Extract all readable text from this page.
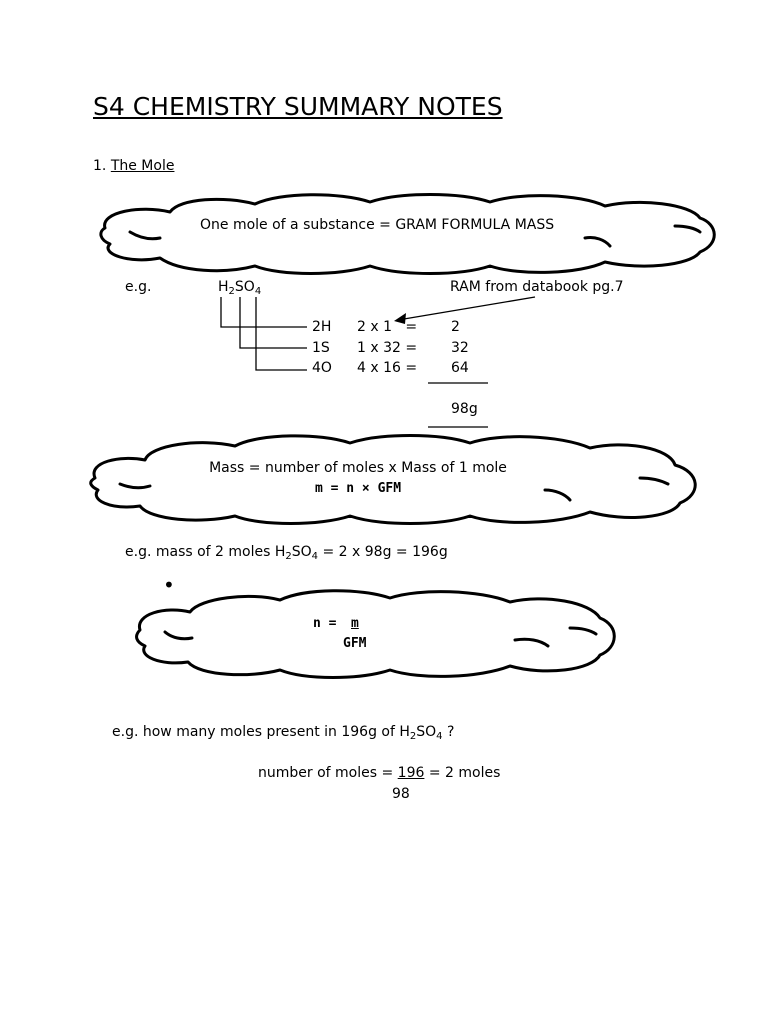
S4 CHEMISTRY SUMMARY NOTES
1. The Mole
One mole of a substance = GRAM FORMULA MASS
e.g.	$H_2SO_4$	RAM from databook pg.7
2H 2 x 1   = 2
1S 1 x 32 = 32
4O 4 x 16 = 64
98g
Mass = number of moles x Mass of 1 mole
m = n × GFM
e.g. mass of 2 moles $H_2SO_4 = 2$ x 98g = 196g
•
n = m
GFM
e.g. how many moles present in 196g of $H_2SO_4$ ?
number of moles = 196 = 2 moles
98
